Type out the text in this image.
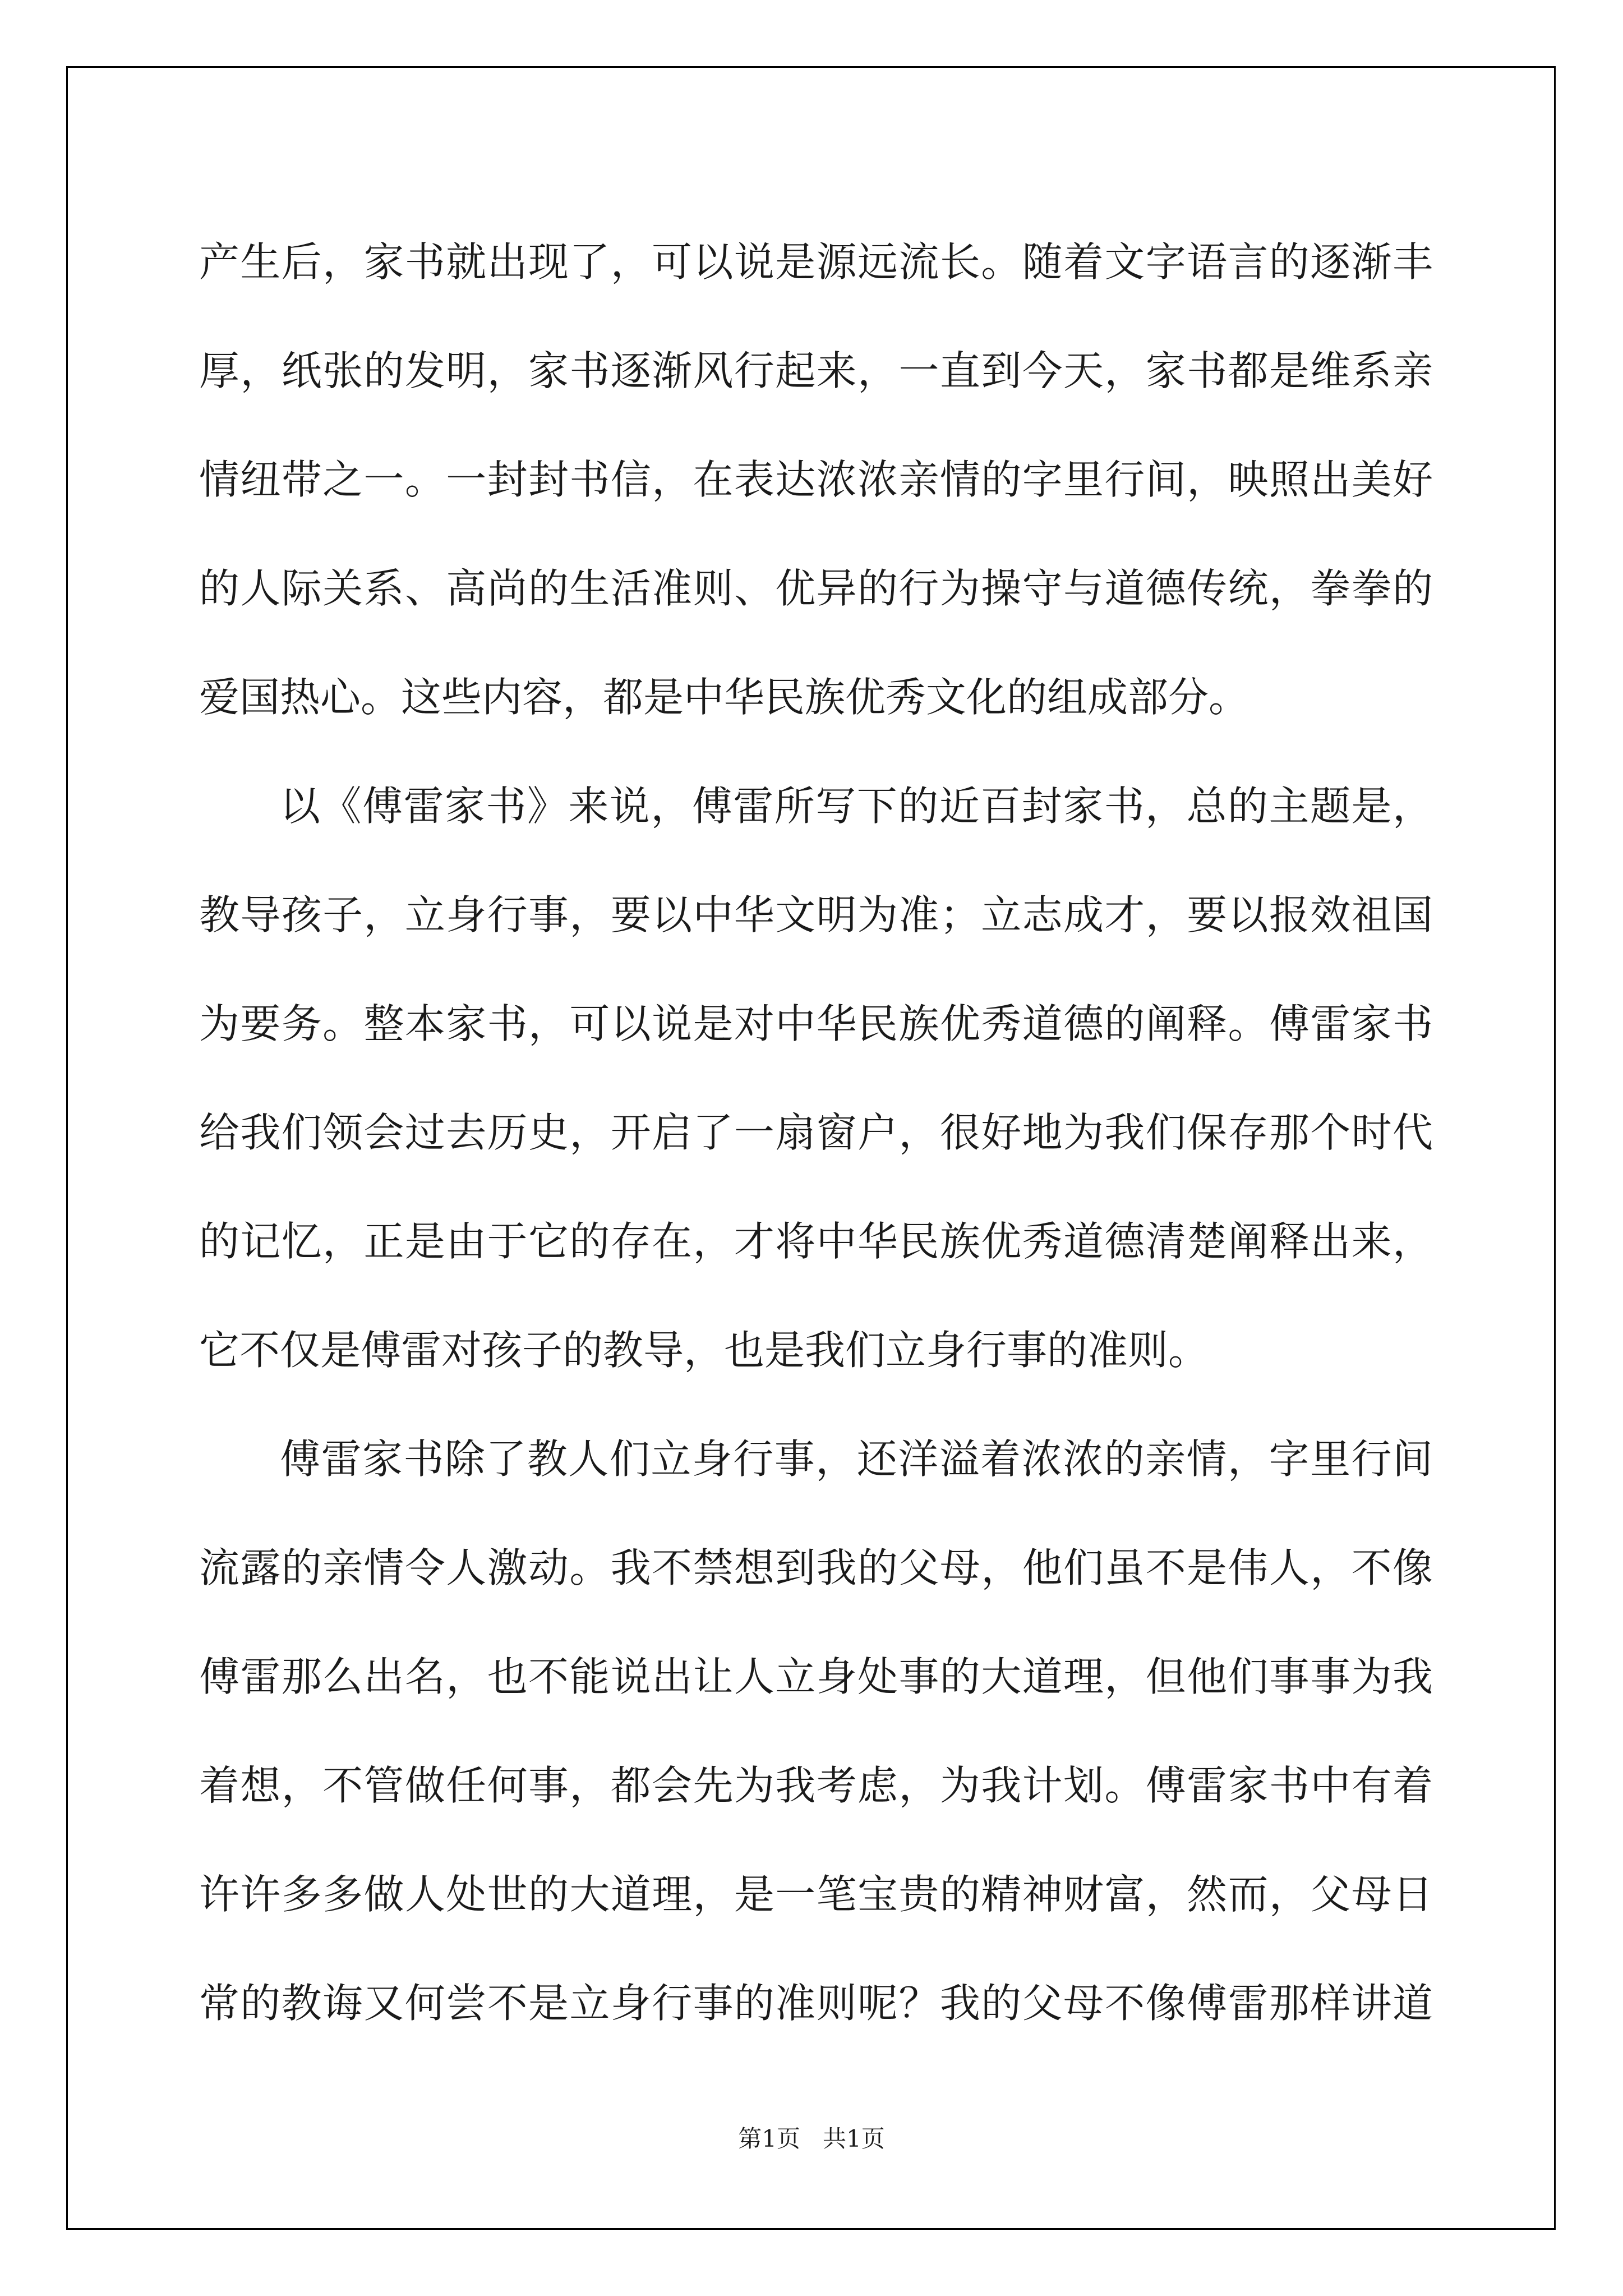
产生后，家书就出现了，可以说是源远流长。随着文字语言的逐渐丰
厚，纸张的发明，家书逐渐风行起来，一直到今天，家书都是维系亲
情纽带之一。一封封书信，在表达浓浓亲情的字里行间，映照出美好
的人际关系、高尚的生活准则、优异的行为操守与道德传统，拳拳的
爱国热心。这些内容，都是中华民族优秀文化的组成部分。
以《傅雷家书》来说，傅雷所写下的近百封家书，总的主题是，
教导孩子，立身行事，要以中华文明为准；立志成才，要以报效祖国
为要务。整本家书，可以说是对中华民族优秀道德的阐释。傅雷家书
给我们领会过去历史，开启了一扇窗户，很好地为我们保存那个时代
的记忆，正是由于它的存在，才将中华民族优秀道德清楚阐释出来，
它不仅是傅雷对孩子的教导，也是我们立身行事的准则。
傅雷家书除了教人们立身行事，还洋溢着浓浓的亲情，字里行间
流露的亲情令人激动。我不禁想到我的父母，他们虽不是伟人，不像
傅雷那么出名，也不能说出让人立身处事的大道理，但他们事事为我
着想，不管做任何事，都会先为我考虑，为我计划。傅雷家书中有着
许许多多做人处世的大道理，是一笔宝贵的精神财富，然而，父母日
常的教诲又何尝不是立身行事的准则呢？我的父母不像傅雷那样讲道
第1页   共1页
